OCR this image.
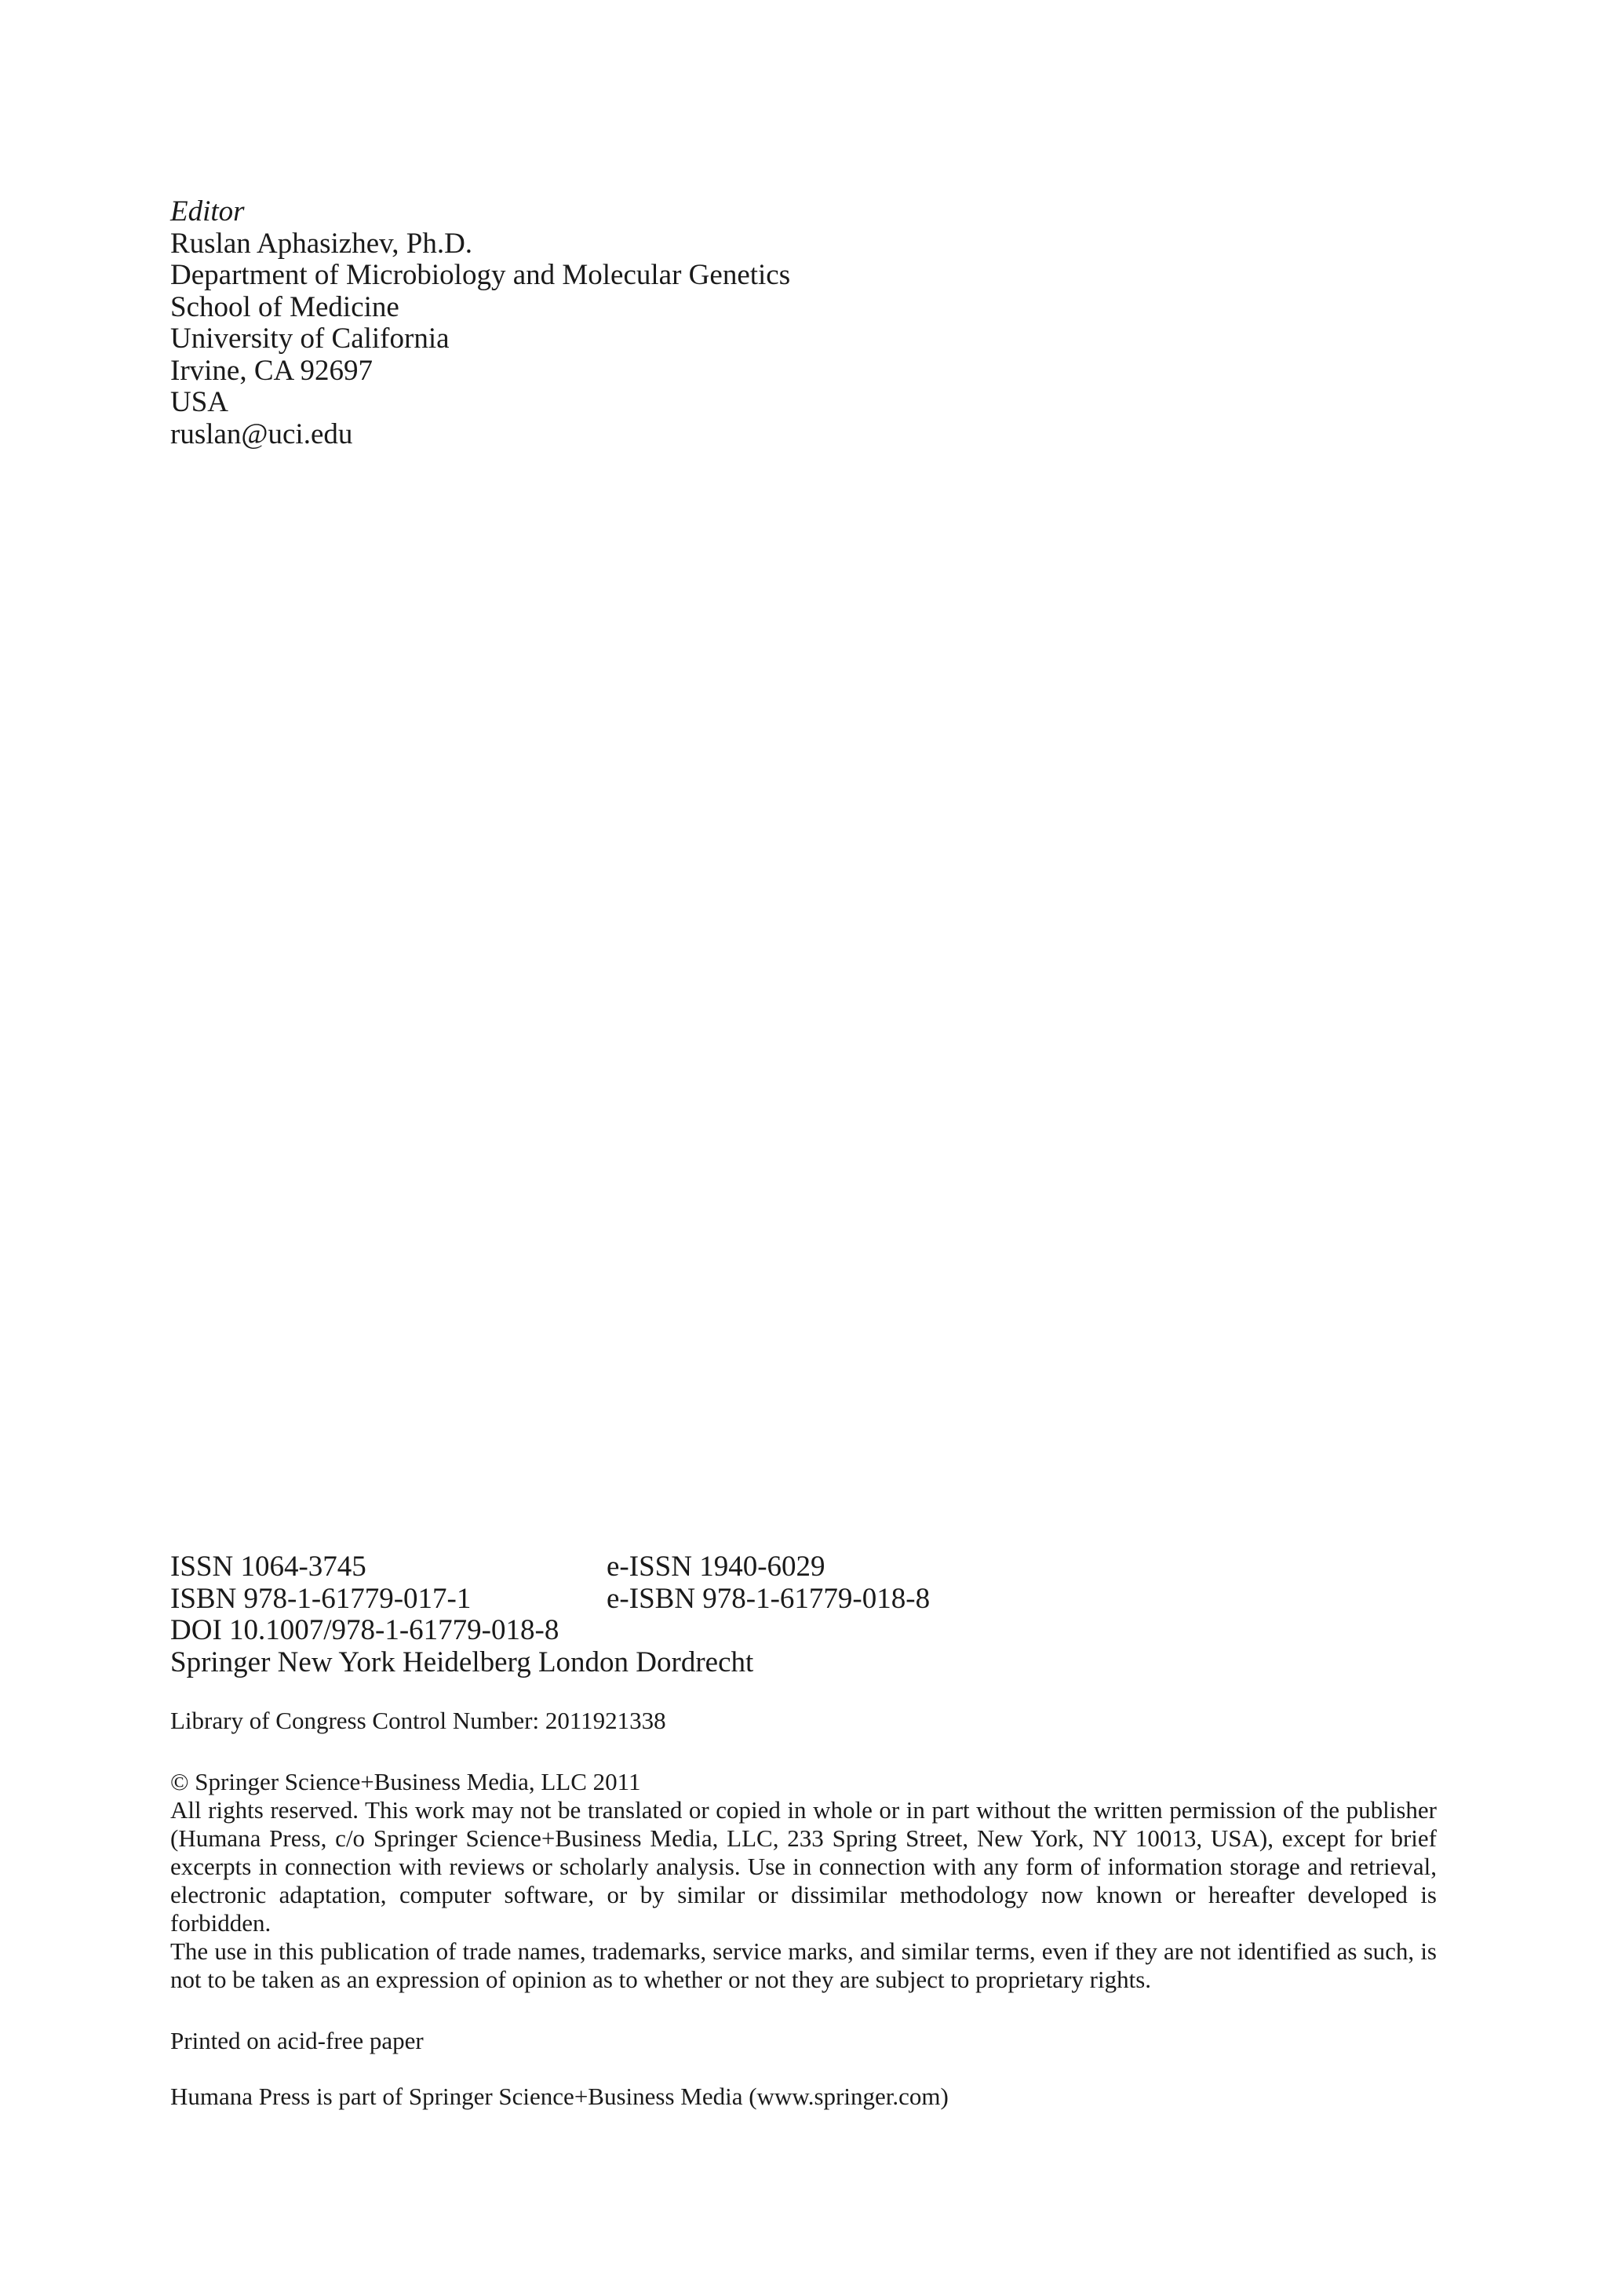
Editor
Ruslan Aphasizhev, Ph.D.
Department of Microbiology and Molecular Genetics
School of Medicine
University of California
Irvine, CA 92697
USA
ruslan@uci.edu
ISSN 1064-3745	e-ISSN 1940-6029
ISBN 978-1-61779-017-1	e-ISBN 978-1-61779-018-8
DOI 10.1007/978-1-61779-018-8
Springer New York Heidelberg London Dordrecht
Library of Congress Control Number: 2011921338

© Springer Science+Business Media, LLC 2011

All rights reserved. This work may not be translated or copied in whole or in part without the written permission of the publisher (Humana Press, c/o Springer Science+Business Media, LLC, 233 Spring Street, New York, NY 10013, USA), except for brief excerpts in connection with reviews or scholarly analysis. Use in connection with any form of information storage and retrieval, electronic adaptation, computer software, or by similar or dissimilar methodology now known or hereafter developed is forbidden.

The use in this publication of trade names, trademarks, service marks, and similar terms, even if they are not identified as such, is not to be taken as an expression of opinion as to whether or not they are subject to proprietary rights.

Printed on acid-free paper
Humana Press is part of Springer Science+Business Media (www.springer.com)
